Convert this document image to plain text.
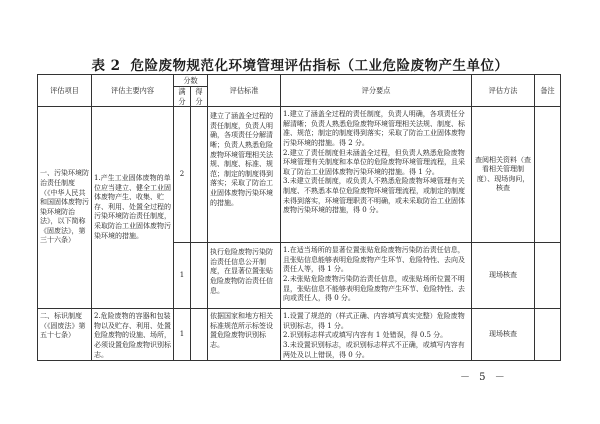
表 2 危险废物规范化环境管理评估指标（工业危险废物产生单位）
评估项目	评估主要内容	分数		评估标准	评分要点	评估方法	备注
		满分	得分				
一、污染环境防治责任制度（《中华人民共和国固体废物污染环境防治法》，以下简称《固废法》，第三十六条）	1.产生工业固体废物的单位应当建立、健全工业固体废物产生、收集、贮存、利用、处置全过程的污染环境防治责任制度，采取防治工业固体废物污染环境的措施。	2		建立了涵盖全过程的责任制度，负责人明确，各项责任分解清晰；负责人熟悉危险废物环境管理相关法规、制度、标准、规范；制定的制度得到落实；采取了防治工业固体废物污染环境的措施。	1.建立了涵盖全过程的责任制度，负责人明确，各项责任分解清晰；负责人熟悉危险废物环境管理相关法规、制度、标准、规范；制定的制度得到落实；采取了防治工业固体废物污染环境的措施。得 2 分。
2.建立了责任制度但未涵盖全过程，但负责人熟悉危险废物环境管理有关制度和本单位的危险废物环境管理流程，且采取了防治工业固体废物污染环境的措施。得 1 分。
3.未建立责任制度，或负责人不熟悉危险废物环境管理有关制度、不熟悉本单位危险废物环境管理流程，或制定的制度未得到落实，环境管理职责不明确，或未采取防治工业固体废物污染环境的措施，得 0 分。	查阅相关资料（查看相关管理制度）、现场询问，核查	
		1		执行危险废物污染防治责任信息公开制度，在显著位置张贴危险废物防治责任信息。	1.在适当场所的显著位置张贴危险废物污染防治责任信息，且张贴信息能够表明危险废物产生环节、危险特性、去向及责任人等，得 1 分。
2.未张贴危险废物污染防治责任信息，或张贴场所位置不明显，张贴信息不能够表明危险废物产生环节、危险特性、去向或责任人，得 0 分。	现场核查	
二、标识制度（《固废法》第五十七条）	2.危险废物的容器和包装物以及贮存、利用、处置危险废物的设施、场所，必须设置危险废物识别标志。	1		依据国家和地方相关标准规范所示标签设置危险废物识别标志。	1.设置了规范的（样式正确、内容填写真实完整）危险废物识别标志，得 1 分。
2.识别标志样式或填写内容有 1 处错误，得 0.5 分。
3.未设置识别标志，或识别标志样式不正确，或填写内容有两处及以上错误，得 0 分。	现场核查	
－ 5 －
